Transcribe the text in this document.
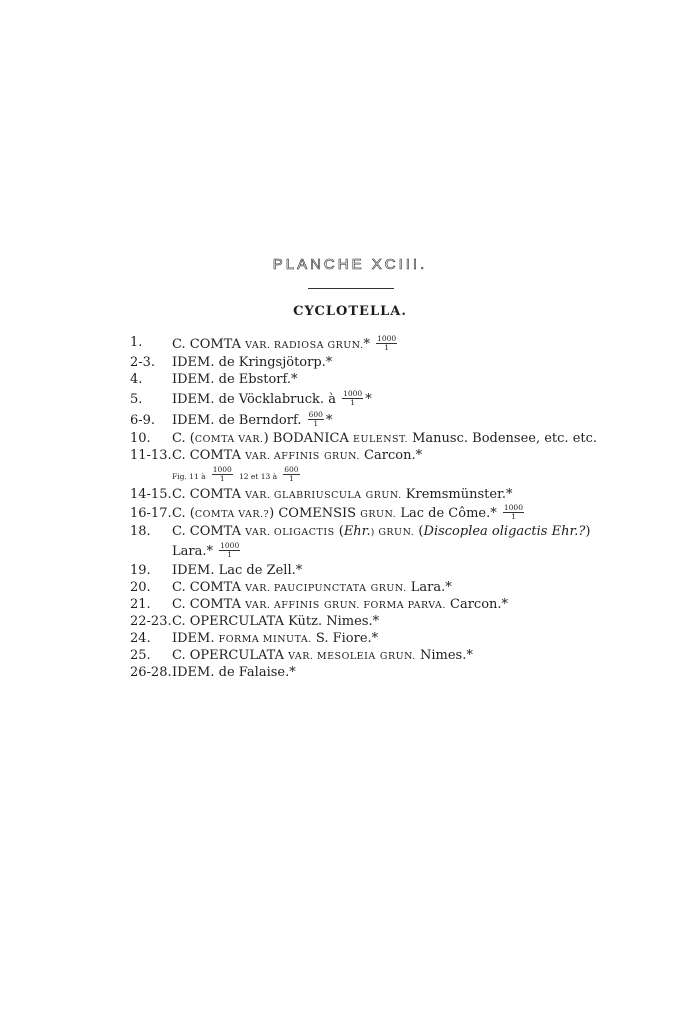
PLANCHE XCIII.
CYCLOTELLA.
1. C. COMTA VAR. RADIOSA GRUN.* $\frac{1000}{1}$
2-3. IDEM. de Kringsjötorp.*
4. IDEM. de Ebstorf.*
5. IDEM. de Vöcklabruck. à $\frac{1000}{1}$ *
6-9. IDEM. de Berndorf. $\frac{600}{1}$ *
10. C. (COMTA VAR.) BODANICA EULENST. Manusc. Bodensee, etc. etc.
11-13. C. COMTA VAR. AFFINIS GRUN. Carcon.*
Fig. 11 à $\frac{1000}{1} 12$ et 13 à $\frac{600}{1}$
14-15. C. COMTA VAR. GLABRIUSCULA GRUN. Kremsmünster.*
16-17. C. (COMTA VAR.?) COMENSIS GRUN. Lac de Côme.* $\frac{1000}{1}$
18. C. COMTA VAR. OLIGACTIS (Ehr.) GRUN. (Discoplea oligactis Ehr.?)
Lara.* $\frac{1000}{1}$
19. IDEM. Lac de Zell.*
20. C. COMTA VAR. PAUCIPUNCTATA GRUN. Lara.*
21. C. COMTA VAR. AFFINIS GRUN. FORMA PARVA. Carcon.*
22-23. C. OPERCULATA Kütz. Nimes.*
24. IDEM. FORMA MINUTA. S. Fiore.*
25. C. OPERCULATA VAR. MESOLEIA GRUN. Nimes.*
26-28. IDEM. de Falaise.*
